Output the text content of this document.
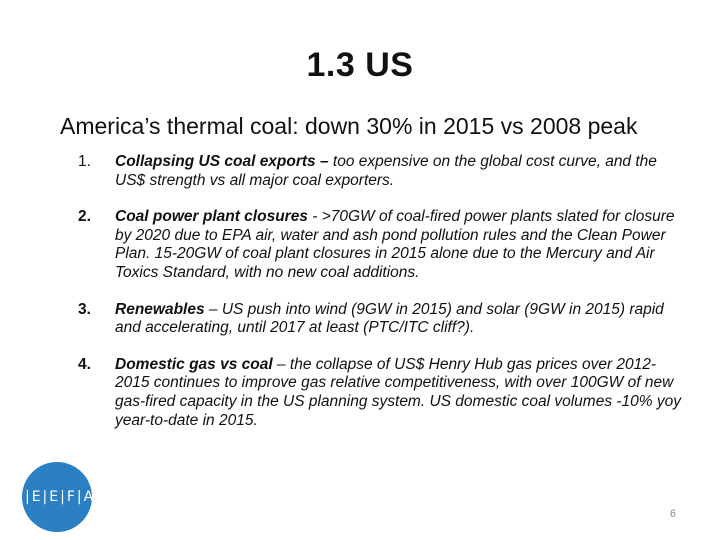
1.3 US
America’s thermal coal: down 30% in 2015 vs 2008 peak
1. Collapsing US coal exports – too expensive on the global cost curve, and the US$ strength vs all major coal exporters.
2. Coal power plant closures - >70GW of coal-fired power plants slated for closure by 2020 due to EPA air, water and ash pond pollution rules and the Clean Power Plan. 15-20GW of coal plant closures in 2015 alone due to the Mercury and Air Toxics Standard, with no new coal additions.
3. Renewables – US push into wind (9GW in 2015) and solar (9GW in 2015) rapid and accelerating, until 2017 at least (PTC/ITC cliff?).
4. Domestic gas vs coal – the collapse of US$ Henry Hub gas prices over 2012-2015 continues to improve gas relative competitiveness, with over 100GW of new gas-fired capacity in the US planning system. US domestic coal volumes -10% yoy year-to-date in 2015.
I|E|E|F|A
6
